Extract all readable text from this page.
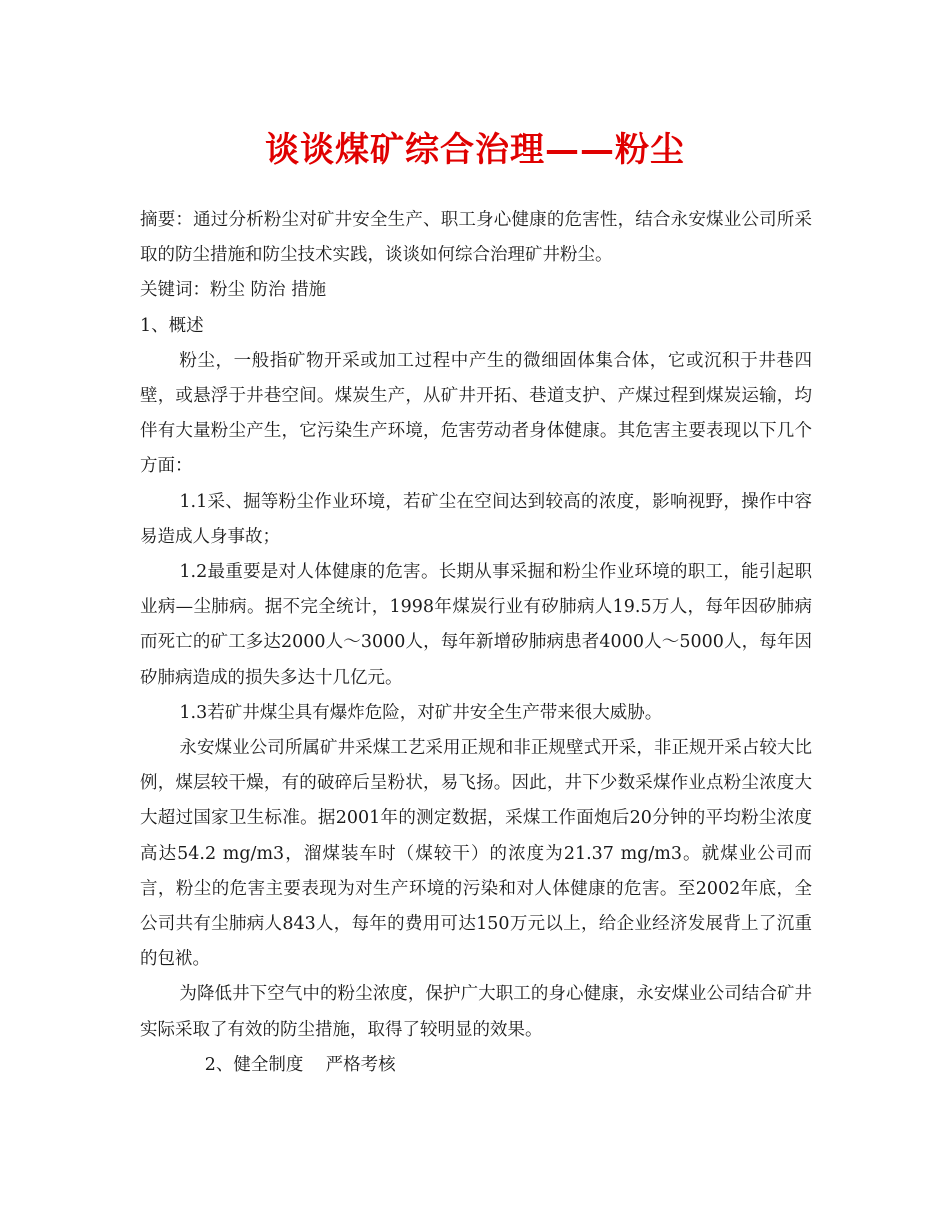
谈谈煤矿综合治理——粉尘

摘要：通过分析粉尘对矿井安全生产、职工身心健康的危害性，结合永安煤业公司所采取的防尘措施和防尘技术实践，谈谈如何综合治理矿井粉尘。

关键词：粉尘 防治 措施

1、概述

粉尘，一般指矿物开采或加工过程中产生的微细固体集合体，它或沉积于井巷四壁，或悬浮于井巷空间。煤炭生产，从矿井开拓、巷道支护、产煤过程到煤炭运输，均伴有大量粉尘产生，它污染生产环境，危害劳动者身体健康。其危害主要表现以下几个方面：

1.1采、掘等粉尘作业环境，若矿尘在空间达到较高的浓度，影响视野，操作中容易造成人身事故；

1.2最重要是对人体健康的危害。长期从事采掘和粉尘作业环境的职工，能引起职业病—尘肺病。据不完全统计，1998年煤炭行业有矽肺病人19.5万人，每年因矽肺病而死亡的矿工多达2000人～3000人，每年新增矽肺病患者4000人～5000人，每年因矽肺病造成的损失多达十几亿元。

1.3若矿井煤尘具有爆炸危险，对矿井安全生产带来很大威胁。

永安煤业公司所属矿井采煤工艺采用正规和非正规壁式开采，非正规开采占较大比例，煤层较干燥，有的破碎后呈粉状，易飞扬。因此，井下少数采煤作业点粉尘浓度大大超过国家卫生标准。据2001年的测定数据，采煤工作面炮后20分钟的平均粉尘浓度高达54.2 mg/m3，溜煤装车时（煤较干）的浓度为21.37 mg/m3。就煤业公司而言，粉尘的危害主要表现为对生产环境的污染和对人体健康的危害。至2002年底，全公司共有尘肺病人843人，每年的费用可达150万元以上，给企业经济发展背上了沉重的包袱。

为降低井下空气中的粉尘浓度，保护广大职工的身心健康，永安煤业公司结合矿井实际采取了有效的防尘措施，取得了较明显的效果。

2、健全制度    严格考核
